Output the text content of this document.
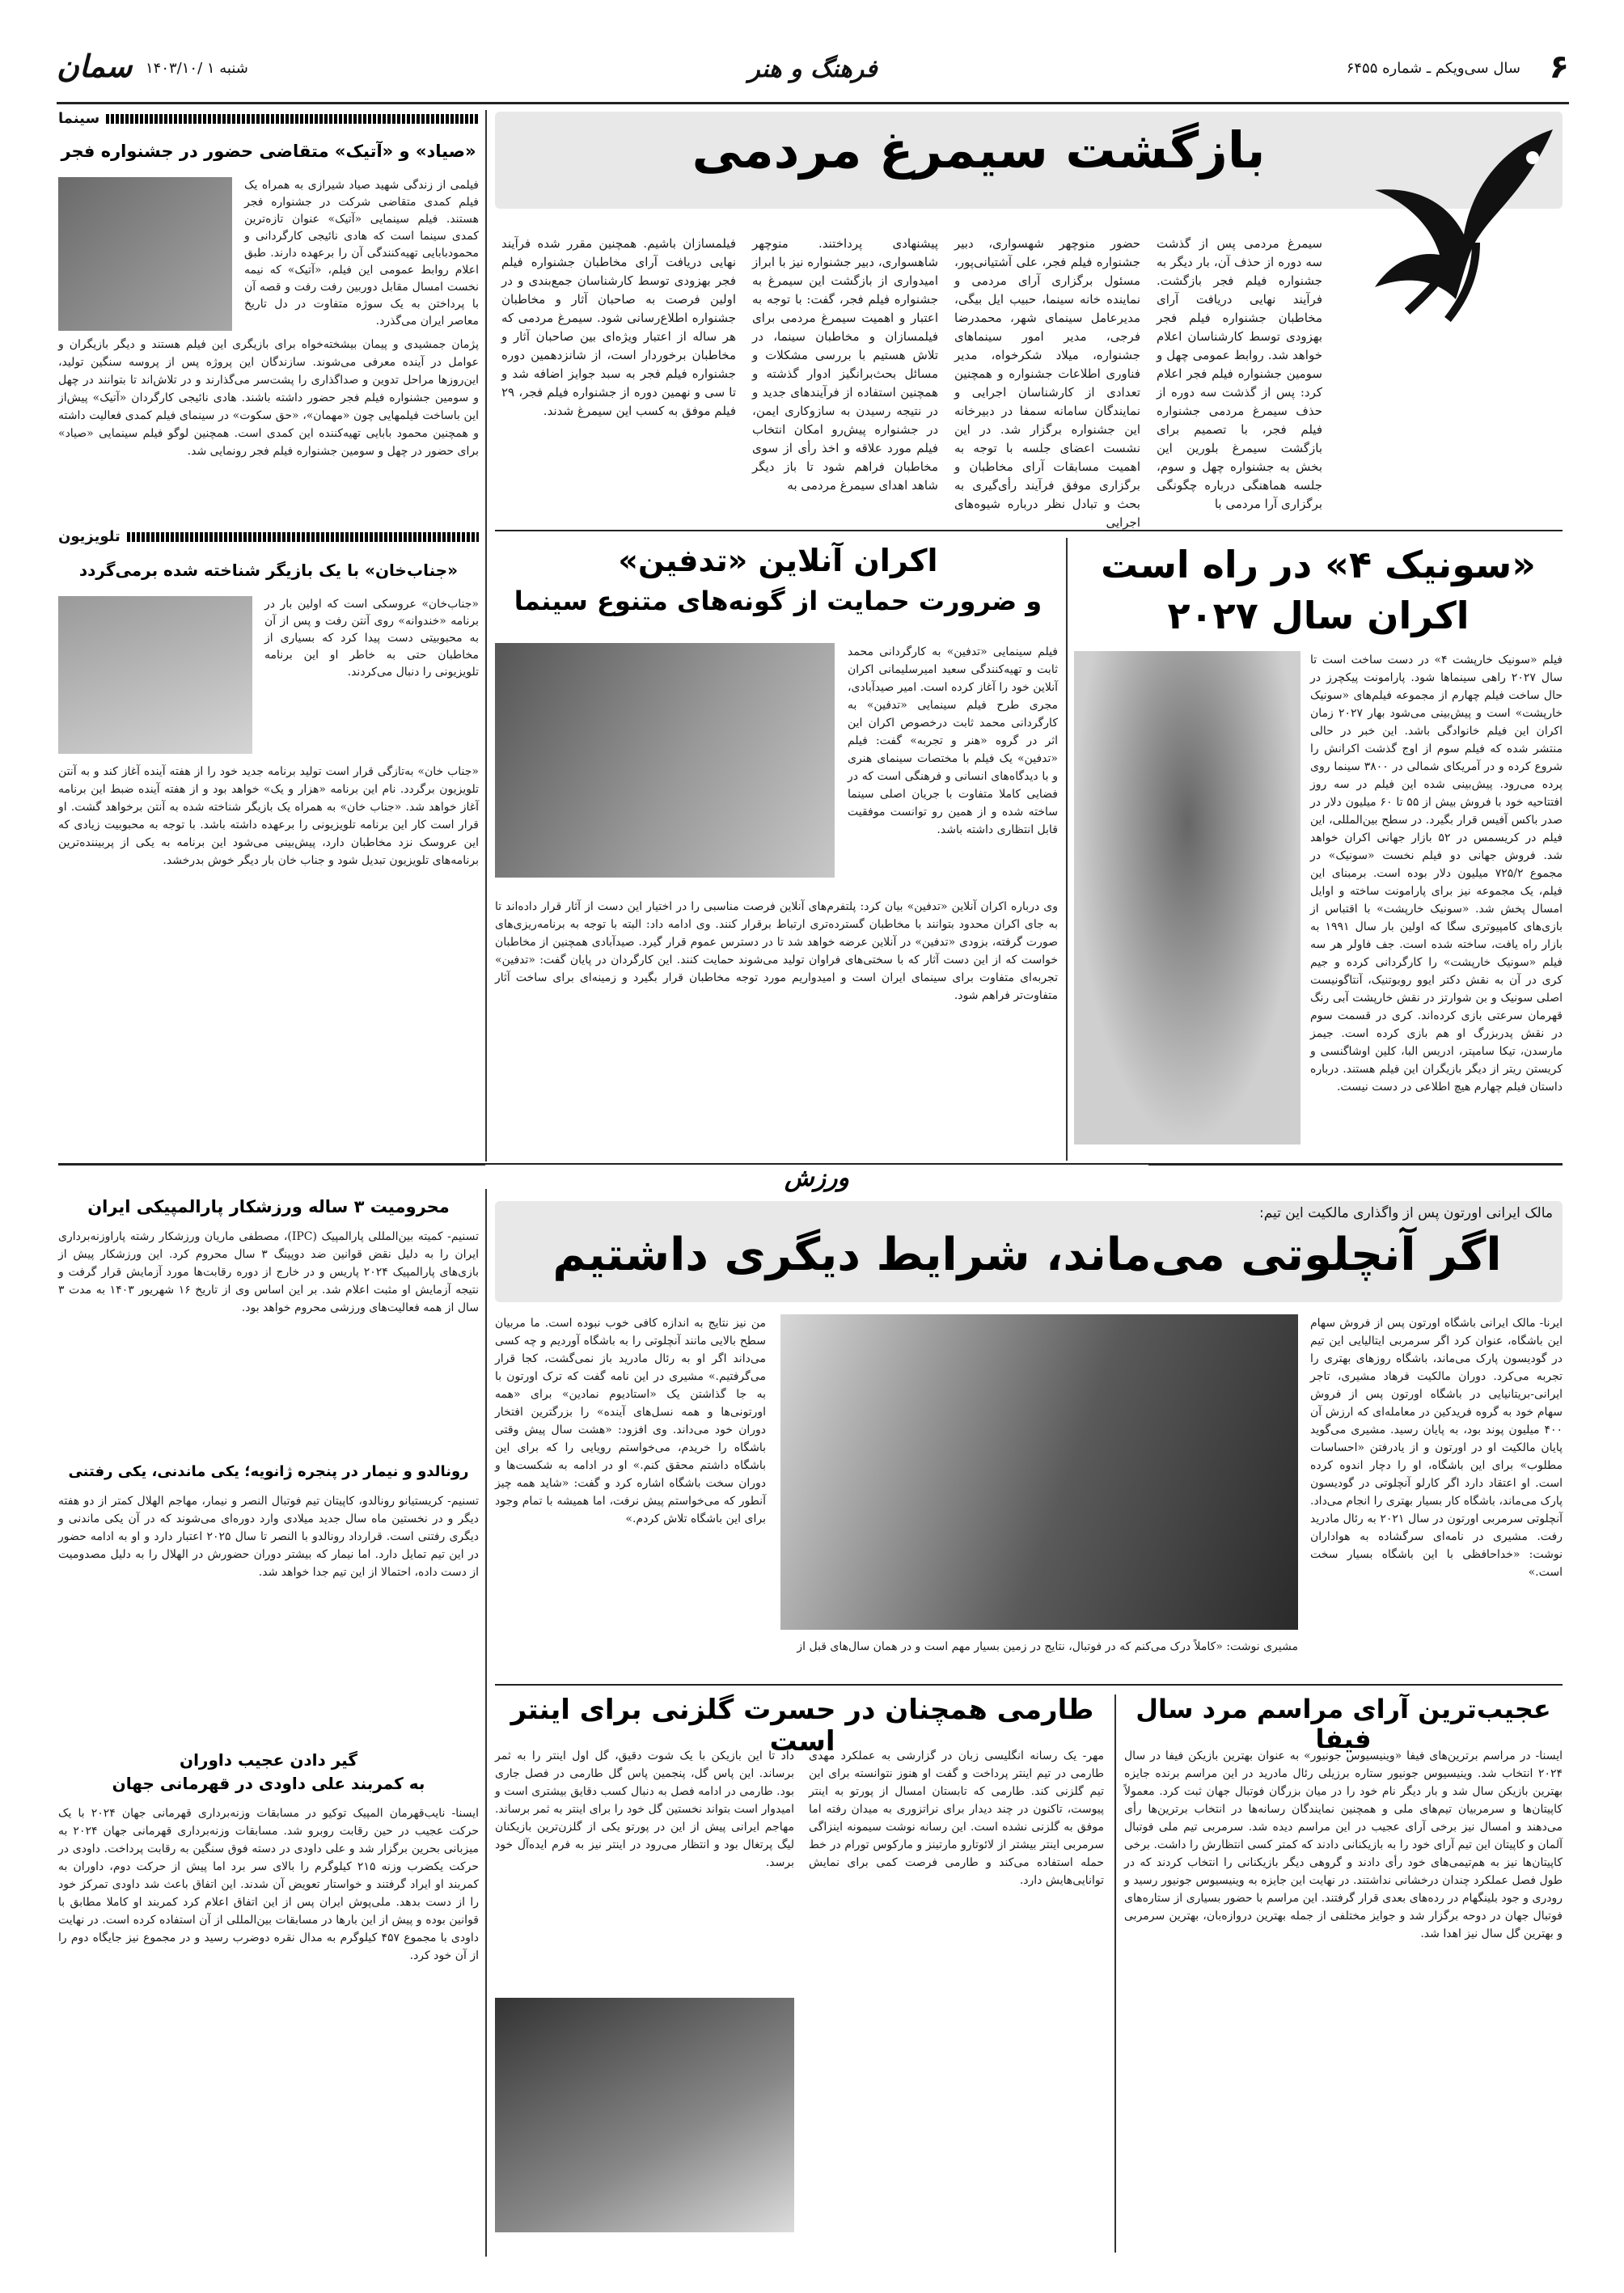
۶
سال سی‌ویکم ـ شماره ۶۴۵۵
فرهنگ و هنر
شنبه ۱ /۱۴۰۳/۱۰
سمان
سینما
«صیاد» و «آتیک» متقاضی حضور در جشنواره فجر
فیلمی از زندگی شهید صیاد شیرازی به همراه یک فیلم کمدی متقاضی شرکت در جشنواره فجر هستند. فیلم سینمایی «آتیک» عنوان تازه‌ترین کمدی سینما است که هادی نائیجی کارگردانی و محمودبابایی تهیه‌کنندگی آن را برعهده دارند. طبق اعلام روابط عمومی این فیلم، «آتیک» که نیمه نخست امسال مقابل دوربین رفت رفت و قصه آن با پرداختن به یک سوژه متفاوت در دل تاریخ معاصر ایران می‌گذرد.
پژمان جمشیدی و پیمان بیشخته‌خواه برای بازیگری این فیلم هستند و دیگر بازیگران و عوامل در آینده معرفی می‌شوند. سازندگان این پروژه پس از پروسه سنگین تولید، این‌روزها مراحل تدوین و صداگذاری را پشت‌سر می‌گذارند و در تلاش‌اند تا بتوانند در چهل و سومین جشنواره فیلم فجر حضور داشته باشند. هادی نائیجی کارگردان «آتیک» پیش‌از این باساخت فیلمهایی چون «مهمان»، «حق سکوت» در سینمای فیلم کمدی فعالیت داشته و همچنین محمود بابایی تهیه‌کننده این کمدی است. همچنین لوگو فیلم سینمایی «صیاد» برای حضور در چهل و سومین جشنواره فیلم فجر رونمایی شد.
تلویزیون
«جناب‌خان» با یک بازیگر شناخته شده برمی‌گردد
«جناب‌خان» عروسکی است که اولین بار در برنامه «خندوانه» روی آنتن رفت و پس از آن به محبوبیتی دست پیدا کرد که بسیاری از مخاطبان حتی به خاطر او این برنامه تلویزیونی را دنبال می‌کردند.
«جناب خان» به‌تازگی قرار است تولید برنامه جدید خود را از هفته آینده آغاز کند و به آنتن تلویزیون برگردد. نام این برنامه «هزار و یک» خواهد بود و از هفته آینده ضبط این برنامه آغاز خواهد شد. «جناب خان» به همراه یک بازیگر شناخته شده به آنتن برخواهد گشت. او قرار است کار این برنامه تلویزیونی را برعهده داشته باشد. با توجه به محبوبیت زیادی که این عروسک نزد مخاطبان دارد، پیش‌بینی می‌شود این برنامه به یکی از پربیننده‌ترین برنامه‌های تلویزیون تبدیل شود و جناب خان بار دیگر خوش بدرخشد.
بازگشت سیمرغ مردمی
سیمرغ مردمی پس از گذشت سه دوره از حذف آن، بار دیگر به جشنواره فیلم فجر بازگشت. فرآیند نهایی دریافت آرای مخاطبان جشنواره فیلم فجر بهزودی توسط کارشناسان اعلام خواهد شد. روابط عمومی چهل و سومین جشنواره فیلم فجر اعلام کرد: پس از گذشت سه دوره از حذف سیمرغ مردمی جشنواره فیلم فجر، با تصمیم برای بازگشت سیمرغ بلورین این بخش به جشنواره چهل و سوم، جلسه هماهنگی درباره چگونگی برگزاری آرا مردمی با
حضور منوچهر شهسواری، دبیر جشنواره فیلم فجر، علی آشتیانی‌پور، مسئول برگزاری آرای مردمی و نماینده خانه سینما، حبیب ایل بیگی، مدیرعامل سینمای شهر، محمدرضا فرجی، مدیر امور سینماهای جشنواره، میلاد شکرخواه، مدیر فناوری اطلاعات جشنواره و همچنین تعدادی از کارشناسان اجرایی و نمایندگان سامانه سمفا در دبیرخانه این جشنواره برگزار شد. در این نشست اعضای جلسه با توجه به اهمیت مسابقات آرای مخاطبان و برگزاری موفق فرآیند رأی‌گیری به بحث و تبادل نظر درباره شیوه‌های اجرایی
پیشنهادی پرداختند. منوچهر شاهسواری، دبیر جشنواره نیز با ابراز امیدواری از بازگشت این سیمرغ به جشنواره فیلم فجر، گفت: با توجه به اعتبار و اهمیت سیمرغ مردمی برای فیلمسازان و مخاطبان سینما، در تلاش هستیم با بررسی مشکلات و مسائل بحث‌برانگیز ادوار گذشته و همچنین استفاده از فرآیندهای جدید و در نتیجه رسیدن به سازوکاری ایمن، در جشنواره پیش‌رو امکان انتخاب فیلم مورد علاقه و اخذ رأی از سوی مخاطبان فراهم شود تا باز دیگر شاهد اهدای سیمرغ مردمی به
فیلمسازان باشیم. همچنین مقرر شده فرآیند نهایی دریافت آرای مخاطبان جشنواره فیلم فجر بهزودی توسط کارشناسان جمع‌بندی و در اولین فرصت به صاحبان آثار و مخاطبان جشنواره اطلاع‌رسانی شود. سیمرغ مردمی که هر ساله از اعتبار ویژه‌ای بین صاحبان آثار و مخاطبان برخوردار است، از شانزدهمین دوره جشنواره فیلم فجر به سبد جوایز اضافه شد و تا سی و نهمین دوره از جشنواره فیلم فجر، ۲۹ فیلم موفق به کسب این سیمرغ شدند.
اکران آنلاین «تدفین»
و ضرورت حمایت از گونه‌های متنوع سینما
فیلم سینمایی «تدفین» به کارگردانی محمد ثابت و تهیه‌کنندگی سعید امیرسلیمانی اکران آنلاین خود را آغاز کرده است. امیر صیدآبادی، مجری طرح فیلم سینمایی «تدفین» به کارگردانی محمد ثابت درخصوص اکران این اثر در گروه «هنر و تجربه» گفت: فیلم «تدفین» یک فیلم با مختصات سینمای هنری و با دیدگاه‌های انسانی و فرهنگی است که در فضایی کاملا متفاوت با جریان اصلی سینما ساخته شده و از همین رو توانست موفقیت قابل انتظاری داشته باشد.
وی درباره اکران آنلاین «تدفین» بیان کرد: پلتفرم‌های آنلاین فرصت مناسبی را در اختیار این دست از آثار قرار داده‌اند تا به جای اکران محدود بتوانند با مخاطبان گسترده‌تری ارتباط برقرار کنند. وی ادامه داد: البته با توجه به برنامه‌ریزی‌های صورت گرفته، بزودی «تدفین» در آنلاین عرضه خواهد شد تا در دسترس عموم قرار گیرد. صیدآبادی همچنین از مخاطبان خواست که از این دست آثار که با سختی‌های فراوان تولید می‌شوند حمایت کنند. این کارگردان در پایان گفت: «تدفین» تجربه‌ای متفاوت برای سینمای ایران است و امیدواریم مورد توجه مخاطبان قرار بگیرد و زمینه‌ای برای ساخت آثار متفاوت‌تر فراهم شود.
«سونیک ۴» در راه است
اکران سال ۲۰۲۷
فیلم «سونیک خارپشت ۴» در دست ساخت است تا سال ۲۰۲۷ راهی سینماها شود. پارامونت پیکچرز در حال ساخت فیلم چهارم از مجموعه فیلم‌های «سونیک خارپشت» است و پیش‌بینی می‌شود بهار ۲۰۲۷ زمان اکران این فیلم خانوادگی باشد. این خبر در حالی منتشر شده که فیلم سوم از اوج گذشت اکرانش را شروع کرده و در آمریکای شمالی در ۳۸۰۰ سینما روی پرده می‌رود. پیش‌بینی شده این فیلم در سه روز افتتاحیه خود با فروش بیش از ۵۵ تا ۶۰ میلیون دلار در صدر باکس آفیس قرار بگیرد. در سطح بین‌المللی، این فیلم در کریسمس در ۵۲ بازار جهانی اکران خواهد شد. فروش جهانی دو فیلم نخست «سونیک» در مجموع ۷۲۵/۲ میلیون دلار بوده است. برمبنای این فیلم، یک مجموعه نیز برای پارامونت ساخته و اوایل امسال پخش شد. «سونیک خارپشت» با اقتباس از بازی‌های کامپیوتری سگا که اولین بار سال ۱۹۹۱ به بازار راه یافت، ساخته شده است. جف فاولر هر سه فیلم «سونیک خارپشت» را کارگردانی کرده و جیم کری در آن به نقش دکتر ایوو روبوتنیک، آنتاگونیست اصلی سونیک و بن شوارتز در نقش خارپشت آبی رنگ قهرمان سرعتی بازی کرده‌اند. کری در قسمت سوم در نقش پدربزرگ او هم بازی کرده است. جیمز مارسدن، تیکا سامپتر، ادریس البا، کلین اوشاگنسی و کریستن ریتر از دیگر بازیگران این فیلم هستند. درباره داستان فیلم چهارم هیچ اطلاعی در دست نیست.
ورزش
محرومیت ۳ ساله ورزشکار پارالمپیکی ایران
تسنیم- کمیته بین‌المللی پارالمپیک (IPC)، مصطفی ماریان ورزشکار رشته پاراوزنه‌برداری ایران را به دلیل نقض قوانین ضد دوپینگ ۳ سال محروم کرد. این ورزشکار پیش از بازی‌های پارالمپیک ۲۰۲۴ پاریس و در خارج از دوره رقابت‌ها مورد آزمایش قرار گرفت و نتیجه آزمایش او مثبت اعلام شد. بر این اساس وی از تاریخ ۱۶ شهریور ۱۴۰۳ به مدت ۳ سال از همه فعالیت‌های ورزشی محروم خواهد بود.
رونالدو و نیمار در پنجره ژانویه؛ یکی ماندنی، یکی رفتنی
تسنیم- کریستیانو رونالدو، کاپیتان تیم فوتبال النصر و نیمار، مهاجم الهلال کمتر از دو هفته دیگر و در نخستین ماه سال جدید میلادی وارد دوره‌ای می‌شوند که در آن یکی ماندنی و دیگری رفتنی است. قرارداد رونالدو با النصر تا سال ۲۰۲۵ اعتبار دارد و او به ادامه حضور در این تیم تمایل دارد. اما نیمار که بیشتر دوران حضورش در الهلال را به دلیل مصدومیت از دست داده، احتمالا از این تیم جدا خواهد شد.
گیر دادن عجیب داوران
به کمربند علی داودی در قهرمانی جهان
ایسنا- نایب‌قهرمان المپیک توکیو در مسابقات وزنه‌برداری قهرمانی جهان ۲۰۲۴ با یک حرکت عجیب در حین رقابت روبرو شد. مسابقات وزنه‌برداری قهرمانی جهان ۲۰۲۴ به میزبانی بحرین برگزار شد و علی داودی در دسته فوق سنگین به رقابت پرداخت. داودی در حرکت یکضرب وزنه ۲۱۵ کیلوگرم را بالای سر برد اما پیش از حرکت دوم، داوران به کمربند او ایراد گرفتند و خواستار تعویض آن شدند. این اتفاق باعث شد داودی تمرکز خود را از دست بدهد. ملی‌پوش ایران پس از این اتفاق اعلام کرد کمربند او کاملا مطابق با قوانین بوده و پیش از این بارها در مسابقات بین‌المللی از آن استفاده کرده است. در نهایت داودی با مجموع ۴۵۷ کیلوگرم به مدال نقره دوضرب رسید و در مجموع نیز جایگاه دوم را از آن خود کرد.
مالک ایرانی اورتون پس از واگذاری مالکیت این تیم:
اگر آنچلوتی می‌ماند، شرایط دیگری داشتیم
ایرنا- مالک ایرانی باشگاه اورتون پس از فروش سهام این باشگاه، عنوان کرد اگر سرمربی ایتالیایی این تیم در گودیسون پارک می‌ماند، باشگاه روزهای بهتری را تجربه می‌کرد. دوران مالکیت فرهاد مشیری، تاجر ایرانی-بریتانیایی در باشگاه اورتون پس از فروش سهام خود به گروه فریدکین در معامله‌ای که ارزش آن ۴۰۰ میلیون پوند بود، به پایان رسید. مشیری می‌گوید پایان مالکیت او در اورتون و از یادرفتن «احساسات مطلوب» برای این باشگاه، او را دچار اندوه کرده است. او اعتقاد دارد اگر کارلو آنچلوتی در گودیسون پارک می‌ماند، باشگاه کار بسیار بهتری را انجام می‌داد. آنچلوتی سرمربی اورتون در سال ۲۰۲۱ به رئال مادرید رفت. مشیری در نامه‌ای سرگشاده به هواداران نوشت: «خداحافظی با این باشگاه بسیار سخت است.»
مشیری نوشت: «کاملاً درک می‌کنم که در فوتبال، نتایج در زمین بسیار مهم است و در همان سال‌های قبل از
من نیز نتایج به اندازه کافی خوب نبوده است. ما مربیان سطح بالایی مانند آنچلوتی را به باشگاه آوردیم و چه کسی می‌داند اگر او به رئال مادرید باز نمی‌گشت، کجا قرار می‌گرفتیم.» مشیری در این نامه گفت که ترک اورتون با به جا گذاشتن یک «استادیوم نمادین» برای «همه اورتونی‌ها و همه نسل‌های آینده» را بزرگترین افتخار دوران خود می‌داند. وی افزود: «هشت سال پیش وقتی باشگاه را خریدم، می‌خواستم رویایی را که برای این باشگاه داشتم محقق کنم.» او در ادامه به شکست‌ها و دوران سخت باشگاه اشاره کرد و گفت: «شاید همه چیز آنطور که می‌خواستم پیش نرفت، اما همیشه با تمام وجود برای این باشگاه تلاش کردم.»
طارمی همچنان در حسرت گلزنی برای اینتر است
مهر- یک رسانه انگلیسی زبان در گزارشی به عملکرد مهدی طارمی در تیم اینتر پرداخت و گفت او هنوز نتوانسته برای این تیم گلزنی کند. طارمی که تابستان امسال از پورتو به اینتر پیوست، تاکنون در چند دیدار برای نراتزوری به میدان رفته اما موفق به گلزنی نشده است. این رسانه نوشت سیمونه اینزاگی سرمربی اینتر بیشتر از لائوتارو مارتینز و مارکوس تورام در خط حمله استفاده می‌کند و طارمی فرصت کمی برای نمایش توانایی‌هایش دارد.
داد تا این بازیکن با یک شوت دقیق، گل اول اینتر را به ثمر برساند. این پاس گل، پنجمین پاس گل طارمی در فصل جاری بود. طارمی در ادامه فصل به دنبال کسب دقایق بیشتری است و امیدوار است بتواند نخستین گل خود را برای اینتر به ثمر برساند. مهاجم ایرانی پیش از این در پورتو یکی از گلزن‌ترین بازیکنان لیگ پرتغال بود و انتظار می‌رود در اینتر نیز به فرم ایده‌آل خود برسد.
عجیب‌ترین آرای مراسم مرد سال فیفا
ایسنا- در مراسم برترین‌های فیفا «وینیسیوس جونیور» به عنوان بهترین بازیکن فیفا در سال ۲۰۲۴ انتخاب شد. وینیسیوس جونیور ستاره برزیلی رئال مادرید در این مراسم برنده جایزه بهترین بازیکن سال شد و بار دیگر نام خود را در میان بزرگان فوتبال جهان ثبت کرد. معمولاً کاپیتان‌ها و سرمربیان تیم‌های ملی و همچنین نمایندگان رسانه‌ها در انتخاب برترین‌ها رأی می‌دهند و امسال نیز برخی آرای عجیب در این مراسم دیده شد. سرمربی تیم ملی فوتبال آلمان و کاپیتان این تیم آرای خود را به بازیکنانی دادند که کمتر کسی انتظارش را داشت. برخی کاپیتان‌ها نیز به هم‌تیمی‌های خود رأی دادند و گروهی دیگر بازیکنانی را انتخاب کردند که در طول فصل عملکرد چندان درخشانی نداشتند. در نهایت این جایزه به وینیسیوس جونیور رسید و رودری و جود بلینگهام در رده‌های بعدی قرار گرفتند. این مراسم با حضور بسیاری از ستاره‌های فوتبال جهان در دوحه برگزار شد و جوایز مختلفی از جمله بهترین دروازه‌بان، بهترین سرمربی و بهترین گل سال نیز اهدا شد.
